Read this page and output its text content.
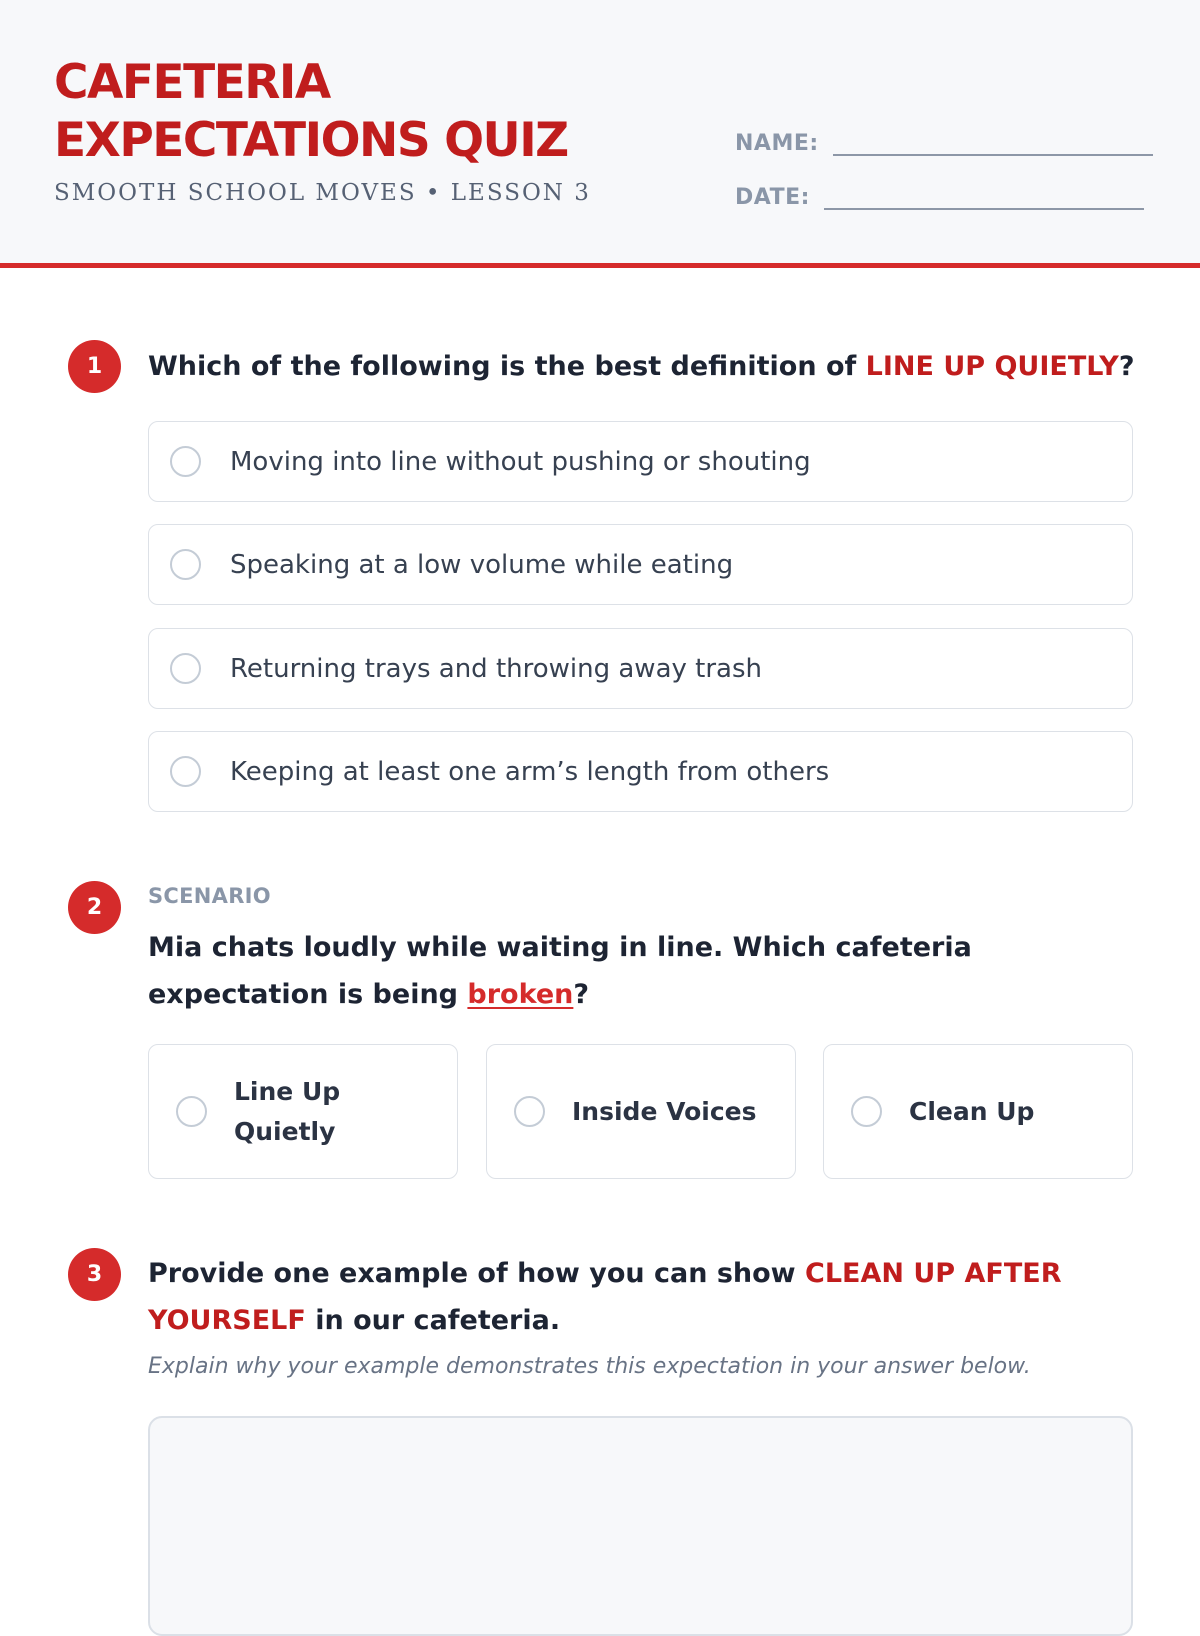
CAFETERIA
EXPECTATIONS QUIZ
SMOOTH SCHOOL MOVES • LESSON 3
NAME:
DATE:
1	Which of the following is the best definition of LINE UP QUIETLY?

Moving into line without pushing or shouting
Speaking at a low volume while eating
Returning trays and throwing away trash
Keeping at least one arm’s length from others
2	SCENARIO

Mia chats loudly while waiting in line. Which cafeteria expectation is being broken?

Line Up Quietly
Inside Voices	Clean Up
3	Provide one example of how you can show CLEAN UP AFTER YOURSELF in our cafeteria.

Explain why your example demonstrates this expectation in your answer below.
